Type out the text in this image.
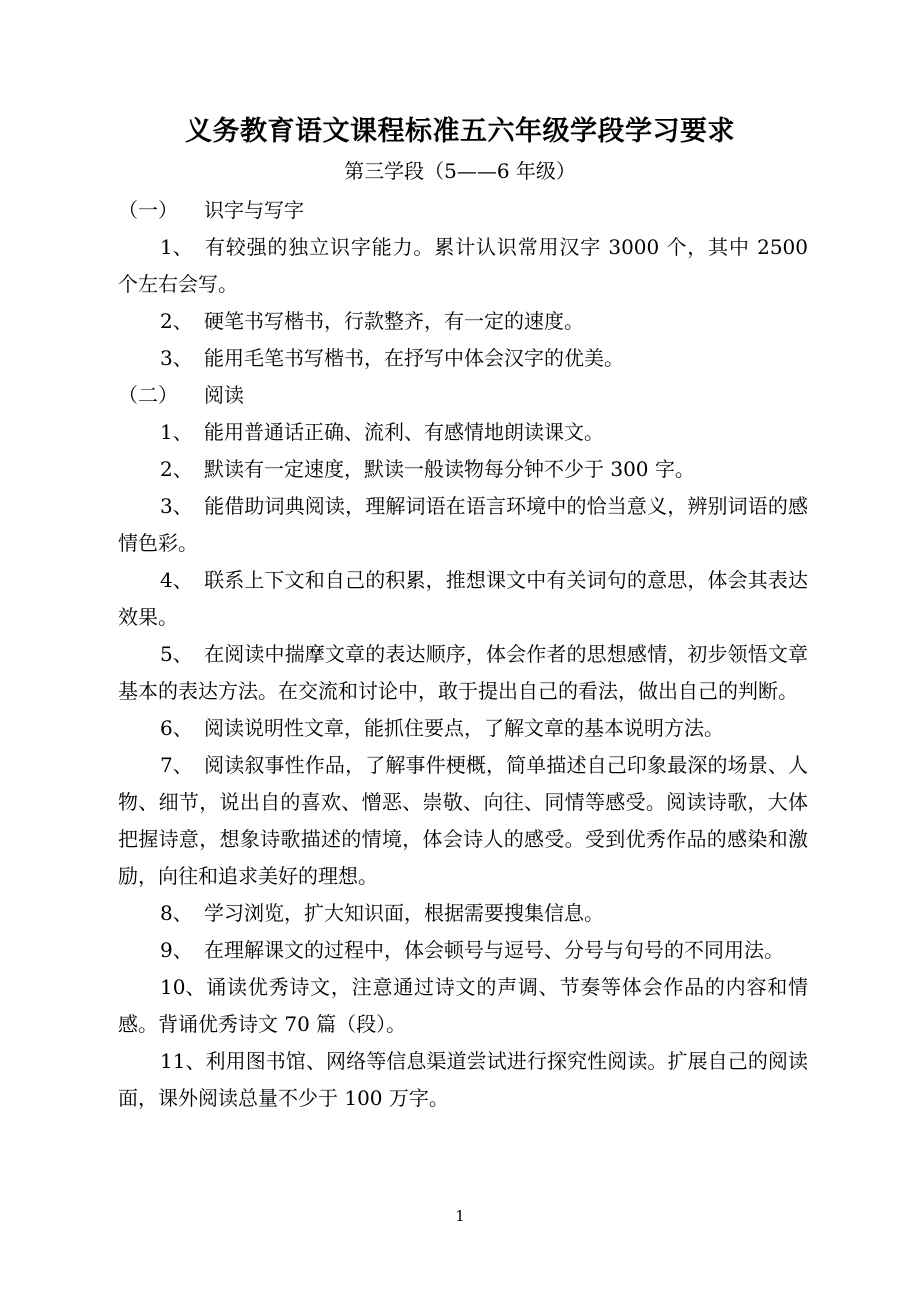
义务教育语文课程标准五六年级学段学习要求
第三学段（5——6 年级）

（一） 识字与写字

1、 有较强的独立识字能力。累计认识常用汉字 3000 个，其中 2500 个左右会写。

2、 硬笔书写楷书，行款整齐，有一定的速度。

3、 能用毛笔书写楷书，在抒写中体会汉字的优美。

（二） 阅读

1、 能用普通话正确、流利、有感情地朗读课文。

2、 默读有一定速度，默读一般读物每分钟不少于 300 字。

3、 能借助词典阅读，理解词语在语言环境中的恰当意义，辨别词语的感情色彩。

4、 联系上下文和自己的积累，推想课文中有关词句的意思，体会其表达效果。

5、 在阅读中揣摩文章的表达顺序，体会作者的思想感情，初步领悟文章基本的表达方法。在交流和讨论中，敢于提出自己的看法，做出自己的判断。

6、 阅读说明性文章，能抓住要点，了解文章的基本说明方法。

7、 阅读叙事性作品，了解事件梗概，简单描述自己印象最深的场景、人物、细节，说出自的喜欢、憎恶、崇敬、向往、同情等感受。阅读诗歌，大体把握诗意，想象诗歌描述的情境，体会诗人的感受。受到优秀作品的感染和激励，向往和追求美好的理想。

8、 学习浏览，扩大知识面，根据需要搜集信息。

9、 在理解课文的过程中，体会顿号与逗号、分号与句号的不同用法。

10、诵读优秀诗文，注意通过诗文的声调、节奏等体会作品的内容和情感。背诵优秀诗文 70 篇（段）。

11、利用图书馆、网络等信息渠道尝试进行探究性阅读。扩展自己的阅读面，课外阅读总量不少于 100 万字。

1
